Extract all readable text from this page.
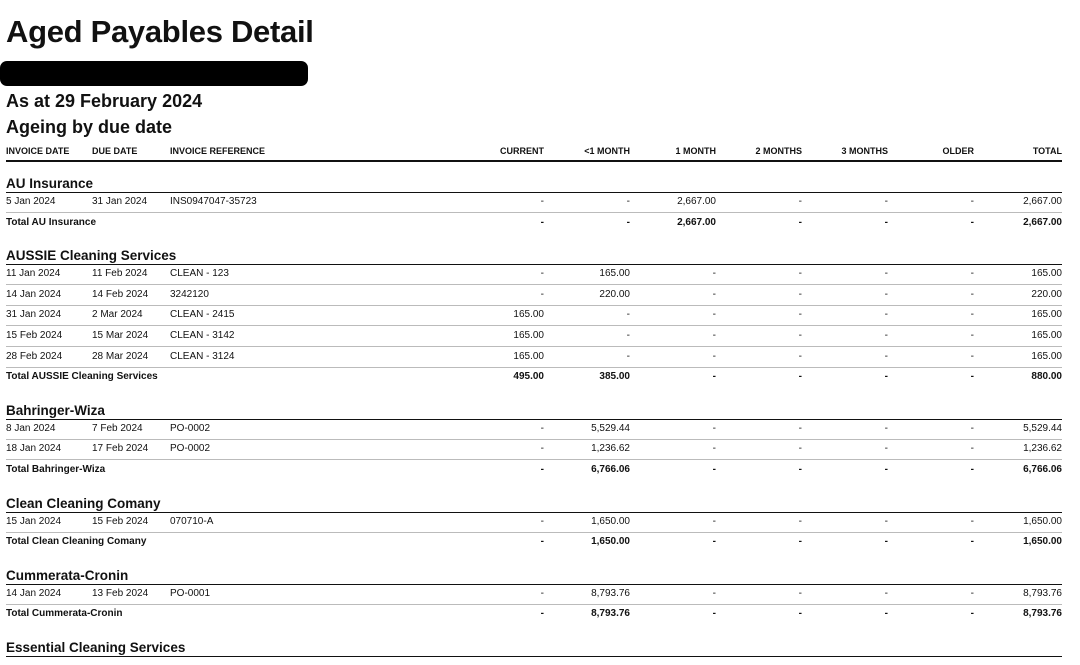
Aged Payables Detail
As at 29 February 2024
Ageing by due date
INVOICE DATE	DUE DATE	INVOICE REFERENCE	CURRENT	<1 MONTH	1 MONTH	2 MONTHS	3 MONTHS	OLDER	TOTAL
AU Insurance
5 Jan 2024	31 Jan 2024 INS0947047-35723	-	-	2,667.00	-	-	-	2,667.00
Total AU Insurance	-	-	2,667.00	-	-	-	2,667.00
AUSSIE Cleaning Services
11 Jan 2024	11 Feb 2024 CLEAN - 123	-	165.00	-	-	-	-	165.00
14 Jan 2024	14 Feb 2024 3242120	-	220.00	-	-	-	-	220.00
31 Jan 2024	2 Mar 2024	CLEAN - 2415	165.00	-	-	-	-	-	165.00
15 Feb 2024	15 Mar 2024 CLEAN - 3142	165.00	-	-	-	-	-	165.00
28 Feb 2024	28 Mar 2024 CLEAN - 3124	165.00	-	-	-	-	-	165.00
Total AUSSIE Cleaning Services	495.00	385.00	-	-	-	-	880.00
Bahringer-Wiza
8 Jan 2024	7 Feb 2024	PO-0002	-	5,529.44	-	-	-	-	5,529.44
18 Jan 2024	17 Feb 2024 PO-0002	-	1,236.62	-	-	-	-	1,236.62
Total Bahringer-Wiza	-	6,766.06	-	-	-	-	6,766.06
Clean Cleaning Comany
15 Jan 2024	15 Feb 2024 070710-A	-	1,650.00	-	-	-	-	1,650.00
Total Clean Cleaning Comany	-	1,650.00	-	-	-	-	1,650.00
Cummerata-Cronin
14 Jan 2024	13 Feb 2024 PO-0001	-	8,793.76	-	-	-	-	8,793.76
Total Cummerata-Cronin	-	8,793.76	-	-	-	-	8,793.76
Essential Cleaning Services
